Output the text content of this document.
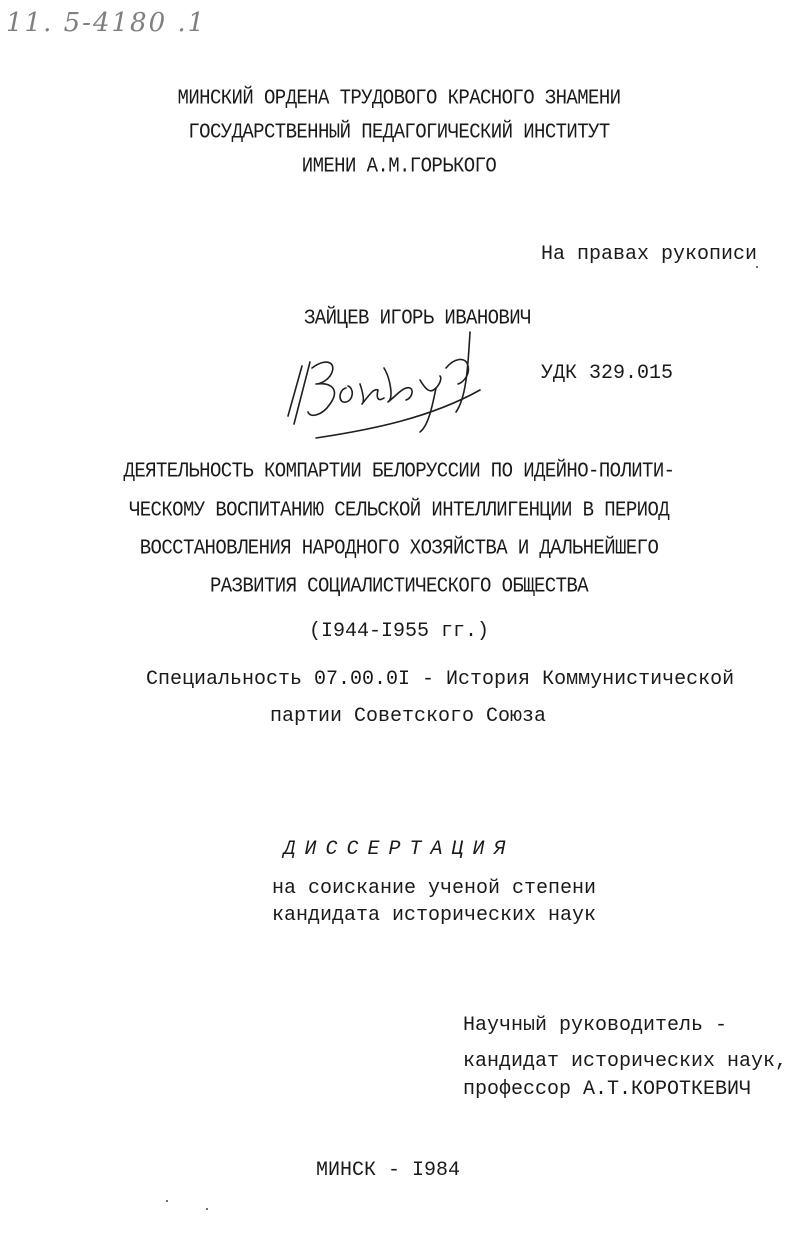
11. 5-4180 .1
МИНСКИЙ ОРДЕНА ТРУДОВОГО КРАСНОГО ЗНАМЕНИ
ГОСУДАРСТВЕННЫЙ ПЕДАГОГИЧЕСКИЙ ИНСТИТУТ
ИМЕНИ А.М.ГОРЬКОГО
На правах рукописи
ЗАЙЦЕВ ИГОРЬ ИВАНОВИЧ
УДК 329.015
ДЕЯТЕЛЬНОСТЬ КОМПАРТИИ БЕЛОРУССИИ ПО ИДЕЙНО-ПОЛИТИ-
ЧЕСКОМУ ВОСПИТАНИЮ СЕЛЬСКОЙ ИНТЕЛЛИГЕНЦИИ В ПЕРИОД
ВОССТАНОВЛЕНИЯ НАРОДНОГО ХОЗЯЙСТВА И ДАЛЬНЕЙШЕГО
РАЗВИТИЯ СОЦИАЛИСТИЧЕСКОГО ОБЩЕСТВА
(I944-I955 гг.)
Специальность 07.00.0I - История Коммунистической
партии Советского Союза
ДИССЕРТАЦИЯ
на соискание ученой степени
кандидата исторических наук
Научный руководитель -
кандидат исторических наук,
профессор А.Т.КОРОТКЕВИЧ
МИНСК - I984
